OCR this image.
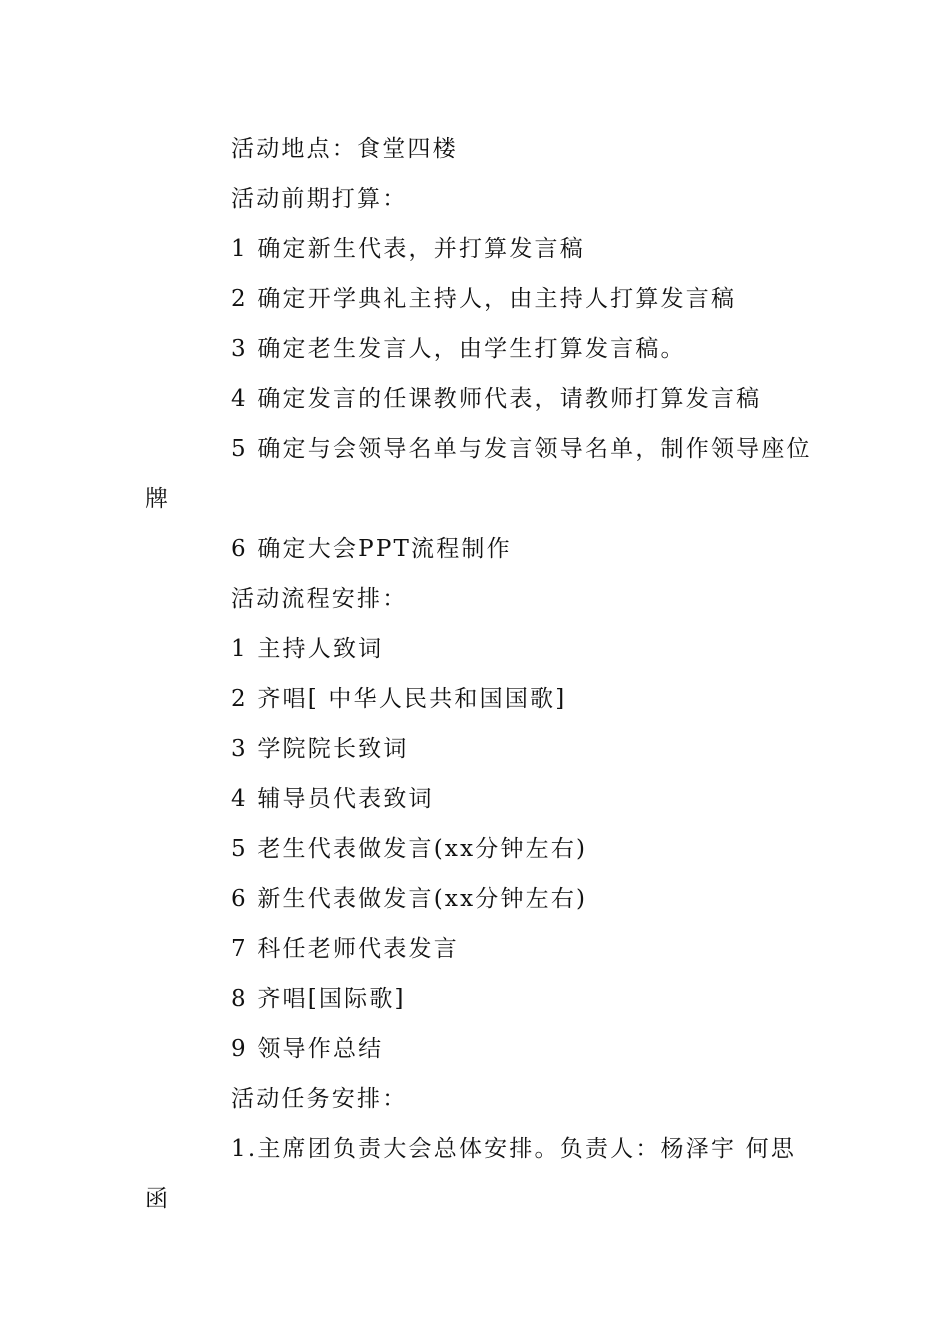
活动地点：食堂四楼
活动前期打算：
1 确定新生代表，并打算发言稿
2 确定开学典礼主持人，由主持人打算发言稿
3 确定老生发言人，由学生打算发言稿。
4 确定发言的任课教师代表，请教师打算发言稿
5 确定与会领导名单与发言领导名单，制作领导座位
牌
6 确定大会PPT流程制作
活动流程安排：
1 主持人致词
2 齐唱[ 中华人民共和国国歌]
3 学院院长致词
4 辅导员代表致词
5 老生代表做发言(xx分钟左右)
6 新生代表做发言(xx分钟左右)
7 科任老师代表发言
8 齐唱[国际歌]
9 领导作总结
活动任务安排：
1.主席团负责大会总体安排。负责人：杨泽宇 何思
函
